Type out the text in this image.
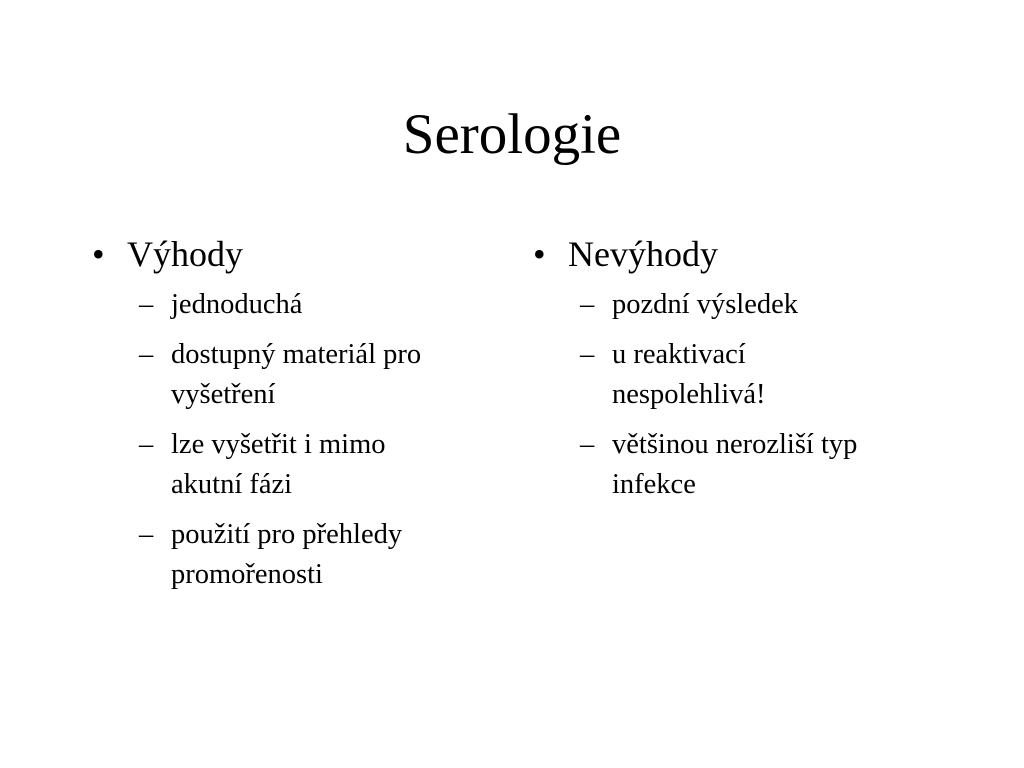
Serologie
• Výhody
– jednoduchá
– dostupný materiál pro
vyšetření
– lze vyšetřit i mimo
akutní fázi
– použití pro přehledy
promořenosti
• Nevýhody
– pozdní výsledek
– u reaktivací
nespolehlivá!
– většinou nerozliší typ
infekce
